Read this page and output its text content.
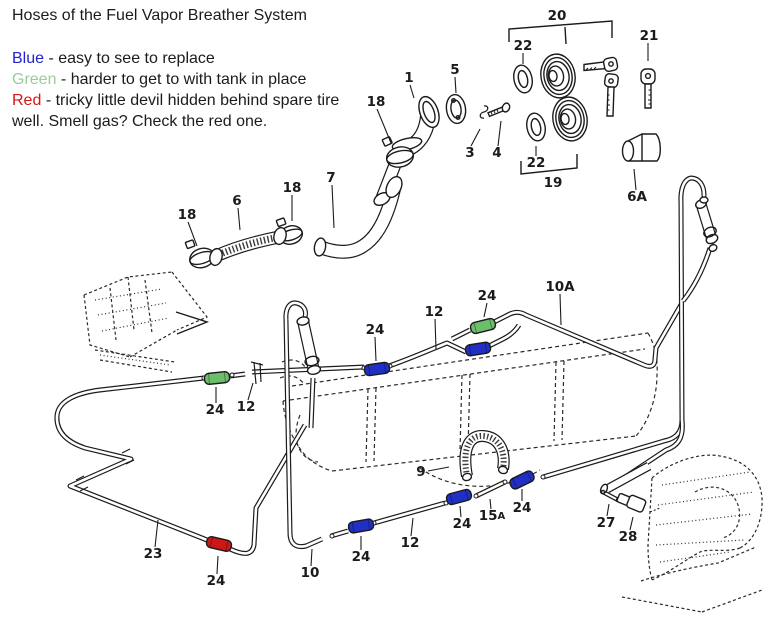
20
22
21
1	5
18
3 4
22
19
6A
18
6
18
7
10A
24
12
24
24 12
23
24	10
24
12
9
24 15A 24
27
28

Hoses of the Fuel Vapor Breather System

Blue - easy to see to replace
Green - harder to get to with tank in place
Red - tricky little devil hidden behind spare tire well. Smell gas? Check the red one.
